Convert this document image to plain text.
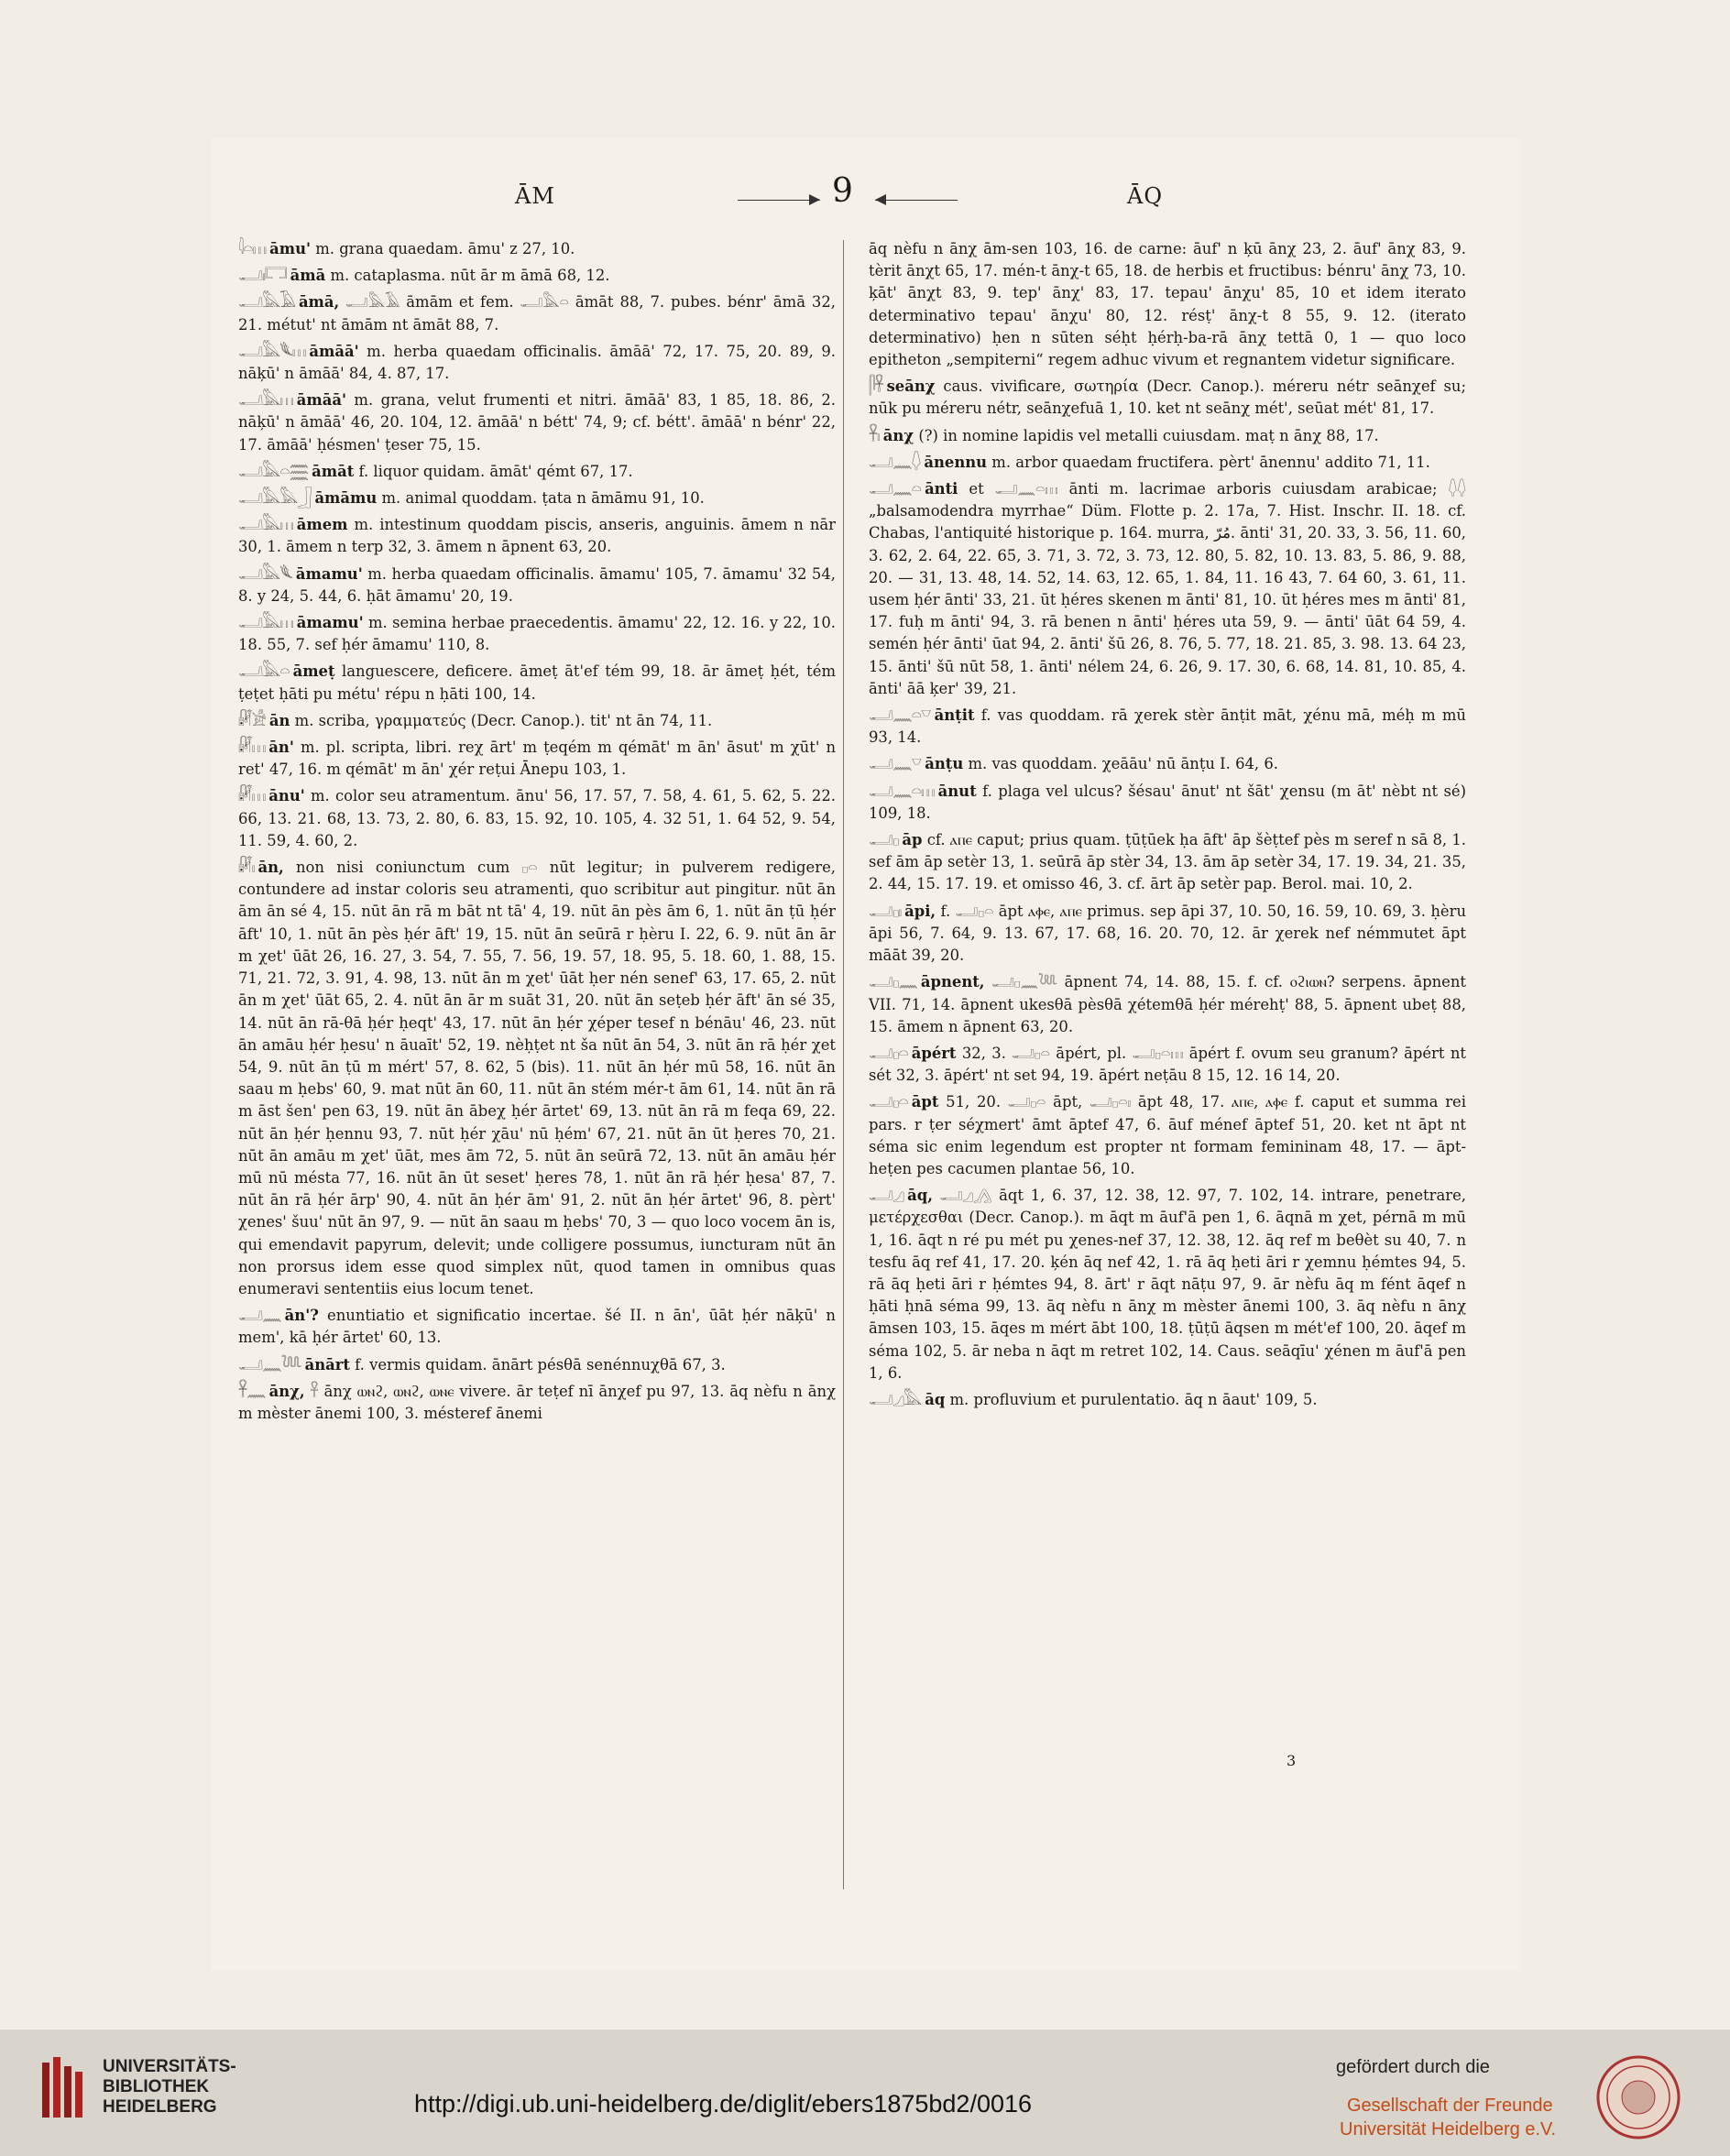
ĀM	9	ĀQ

𓇋𓏏𓏥 āmu' m. grana quaedam. āmu' z 27, 10.

𓂝𓏤𓉐 āmā m. cataplasma. nūt ār m āmā 68, 12.

𓂝𓅓𓄿 āmā, 𓂝𓅓𓄿 āmām et fem. 𓂝𓅓𓏏 āmāt 88, 7. pubes. bénr' āmā 32, 21. métut' nt āmām nt āmāt 88, 7.

𓂝𓅓𓆰𓏥 āmāā' m. herba quaedam officinalis. āmāā' 72, 17. 75, 20. 89, 9. nāķū' n āmāā' 84, 4. 87, 17.

𓂝𓅓𓏥 āmāā' m. grana, velut frumenti et nitri. āmāā' 83, 1 85, 18. 86, 2. nāķū' n āmāā' 46, 20. 104, 12. āmāā' n bétt' 74, 9; cf. bétt'. āmāā' n bénr' 22, 17. āmāā' ḥésmen' ṭeser 75, 15.

𓂝𓅓𓏏𓈗 āmāt f. liquor quidam. āmāt' qémt 67, 17.

𓂝𓅓𓅓𓃀 āmāmu m. animal quoddam. ṭata n āmāmu 91, 10.

𓂝𓅓𓏥 āmem m. intestinum quoddam piscis, anseris, anguinis. āmem n nār 30, 1. āmem n terp 32, 3. āmem n āpnent 63, 20.

𓂝𓅓𓆰 āmamu' m. herba quaedam officinalis. āmamu' 105, 7. āmamu' 32 54, 8. y 24, 5. 44, 6. ḥāt āmamu' 20, 19.

𓂝𓅓𓏥 āmamu' m. semina herbae praecedentis. āmamu' 22, 12. 16. y 22, 10. 18. 55, 7. sef ḥér āmamu' 110, 8.

𓂝𓅓𓏏 āmeṭ languescere, deficere. āmeṭ āt'ef tém 99, 18. ār āmeṭ ḥét, tém ṭeṭet ḥāti pu métu' répu n ḥāti 100, 14.

𓏞𓀀 ān m. scriba, γραμματεύς (Decr. Canop.). tit' nt ān 74, 11.

𓏞𓏥 ān' m. pl. scripta, libri. reχ ārt' m ṭeqém m qémāt' m ān' āsut' m χūt' n ret' 47, 16. m qémāt' m ān' χér reṭui Ānepu 103, 1.

𓏞𓏥 ānu' m. color seu atramentum. ānu' 56, 17. 57, 7. 58, 4. 61, 5. 62, 5. 22. 66, 13. 21. 68, 13. 73, 2. 80, 6. 83, 15. 92, 10. 105, 4. 32 51, 1. 64 52, 9. 54, 11. 59, 4. 60, 2.

𓏞𓏤 ān, non nisi coniunctum cum 𓊪𓏏 nūt legitur; in pulverem redigere, contundere ad instar coloris seu atramenti, quo scribitur aut pingitur. nūt ān ām ān sé 4, 15. nūt ān rā m bāt nt tā' 4, 19. nūt ān pès ām 6, 1. nūt ān ṭū ḥér āft' 10, 1. nūt ān pès ḥér āft' 19, 15. nūt ān seūrā r ḥèru I. 22, 6. 9. nūt ān ār m χet' ūāt 26, 16. 27, 3. 54, 7. 55, 7. 56, 19. 57, 18. 95, 5. 18. 60, 1. 88, 15. 71, 21. 72, 3. 91, 4. 98, 13. nūt ān m χet' ūāt ḥer nén senef' 63, 17. 65, 2. nūt ān m χet' ūāt 65, 2. 4. nūt ān ār m suāt 31, 20. nūt ān seṭeb ḥér āft' ān sé 35, 14. nūt ān rā-θā ḥér ḥeqt' 43, 17. nūt ān ḥér χéper tesef n bénāu' 46, 23. nūt ān amāu ḥér ḥesu' n āuaīt' 52, 19. nèḥṭet nt ša nūt ān 54, 3. nūt ān rā ḥér χet 54, 9. nūt ān ṭū m mért' 57, 8. 62, 5 (bis). 11. nūt ān ḥér mū 58, 16. nūt ān saau m ḥebs' 60, 9. mat nūt ān 60, 11. nūt ān stém mér-t ām 61, 14. nūt ān rā m āst šen' pen 63, 19. nūt ān ābeχ ḥér ārtet' 69, 13. nūt ān rā m feqa 69, 22. nūt ān ḥér ḥennu 93, 7. nūt ḥér χāu' nū ḥém' 67, 21. nūt ān ūt ḥeres 70, 21. nūt ān amāu m χet' ūāt, mes ām 72, 5. nūt ān seūrā 72, 13. nūt ān amāu ḥér mū nū mésta 77, 16. nūt ān ūt seset' ḥeres 78, 1. nūt ān rā ḥér ḥesa' 87, 7. nūt ān rā ḥér ārp' 90, 4. nūt ān ḥér ām' 91, 2. nūt ān ḥér ārtet' 96, 8. pèrt' χenes' šuu' nūt ān 97, 9. — nūt ān saau m ḥebs' 70, 3 — quo loco vocem ān is, qui emendavit papyrum, delevit; unde colligere possumus, iuncturam nūt ān non prorsus idem esse quod simplex nūt, quod tamen in omnibus quas enumeravi sententiis eius locum tenet.

𓂝𓈖 ān'? enuntiatio et significatio incertae. šé II. n ān', ūāt ḥér nāķū' n mem', kā ḥér ārtet' 60, 13.

𓂝𓈖𓆙 ānārt f. vermis quidam. ānārt pésθā senénnuχθā 67, 3.

𓋹𓈖 ānχ, 𓋹 ānχ ⲱⲛϩ, ⲱⲛϩ, ⲱⲛⲉ vivere. ār teṭef nī ānχef pu 97, 13. āq nèfu n ānχ m mèster ānemi 100, 3. mésteref ānemi

āq nèfu n ānχ ām-sen 103, 16. de carne: āuf' n ķū ānχ 23, 2. āuf' ānχ 83, 9. tèrit ānχt 65, 17. mén-t ānχ-t 65, 18. de herbis et fructibus: bénru' ānχ 73, 10. ķāt' ānχt 83, 9. tep' ānχ' 83, 17. tepau' ānχu' 85, 10 et idem iterato determinativo tepau' ānχu' 80, 12. résṭ' ānχ-t 8 55, 9. 12. (iterato determinativo) ḥen n sūten séḥt ḥérḥ-ba-rā ānχ tettā 0, 1 — quo loco epitheton „sempiterni“ regem adhuc vivum et regnantem videtur significare.

𓋴𓋹 seānχ caus. vivificare, σωτηρία (Decr. Canop.). méreru nétr seānχef su; nūk pu méreru nétr, seānχefuā 1, 10. ket nt seānχ mét', seūat mét' 81, 17.

𓋹𓏤 ānχ (?) in nomine lapidis vel metalli cuiusdam. maṭ n ānχ 88, 17.

𓂝𓈖𓆭 ānennu m. arbor quaedam fructifera. pèrt' ānennu' addito 71, 11.

𓂝𓈖𓏏 ānti et 𓂝𓈖𓏏𓏥 ānti m. lacrimae arboris cuiusdam arabicae; 𓆭𓆭 „balsamodendra myrrhae“ Düm. Flotte p. 2. 17a, 7. Hist. Inschr. II. 18. cf. Chabas, l'antiquité historique p. 164. murra, مُرّ. ānti' 31, 20. 33, 3. 56, 11. 60, 3. 62, 2. 64, 22. 65, 3. 71, 3. 72, 3. 73, 12. 80, 5. 82, 10. 13. 83, 5. 86, 9. 88, 20. — 31, 13. 48, 14. 52, 14. 63, 12. 65, 1. 84, 11. 16 43, 7. 64 60, 3. 61, 11. usem ḥér ānti' 33, 21. ūt ḥéres skenen m ānti' 81, 10. ūt ḥéres mes m ānti' 81, 17. fuḥ m ānti' 94, 3. rā benen n ānti' ḥéres uta 59, 9. — ānti' ūāt 64 59, 4. semén ḥér ānti' ūat 94, 2. ānti' šū 26, 8. 76, 5. 77, 18. 21. 85, 3. 98. 13. 64 23, 15. ānti' šū nūt 58, 1. ānti' nélem 24, 6. 26, 9. 17. 30, 6. 68, 14. 81, 10. 85, 4. ānti' āā ķer' 39, 21.

𓂝𓈖𓏏𓎺 ānṭit f. vas quoddam. rā χerek stèr ānṭit māt, χénu mā, méḥ m mū 93, 14.

𓂝𓈖𓎺 ānṭu m. vas quoddam. χeāāu' nū ānṭu I. 64, 6.

𓂝𓈖𓏏𓏥 ānut f. plaga vel ulcus? šésau' ānut' nt šāt' χensu (m āt' nèbt nt sé) 109, 18.

𓂝𓊪 āp cf. ⲁⲡⲉ caput; prius quam. ṭūṭūek ḥa āft' āp šèṭtef pès m seref n sā 8, 1. sef ām āp setèr 13, 1. seūrā āp stèr 34, 13. ām āp setèr 34, 17. 19. 34, 21. 35, 2. 44, 15. 17. 19. et omisso 46, 3. cf. ārt āp setèr pap. Berol. mai. 10, 2.

𓂝𓊪𓏤 āpi, f. 𓂝𓊪𓏏 āpt ⲁⲫⲉ, ⲁⲡⲉ primus. sep āpi 37, 10. 50, 16. 59, 10. 69, 3. ḥèru āpi 56, 7. 64, 9. 13. 67, 17. 68, 16. 20. 70, 12. ār χerek nef némmutet āpt māāt 39, 20.

𓂝𓊪𓈖 āpnent, 𓂝𓊪𓈖𓆙 āpnent 74, 14. 88, 15. f. cf. ⲟϩⲓⲱⲛ? serpens. āpnent VII. 71, 14. āpnent ukesθā pèsθā χétemθā ḥér mérehṭ' 88, 5. āpnent ubeṭ 88, 15. āmem n āpnent 63, 20.

𓂝𓊪𓏏 āpért 32, 3. 𓂝𓊪𓏏 āpért, pl. 𓂝𓊪𓏏𓏥 āpért f. ovum seu granum? āpért nt sét 32, 3. āpért' nt set 94, 19. āpért neṭāu 8 15, 12. 16 14, 20.

𓂝𓊪𓏏 āpt 51, 20. 𓂝𓊪𓏏 āpt, 𓂝𓊪𓏏𓏤 āpt 48, 17. ⲁⲡⲉ, ⲁⲫⲉ f. caput et summa rei pars. r ṭer séχmert' āmt āptef 47, 6. āuf ménef āptef 51, 20. ket nt āpt nt séma sic enim legendum est propter nt formam femininam 48, 17. — āpt-heṭen pes cacumen plantae 56, 10.

𓂝𓈎 āq, 𓂝𓈎𓂻 āqt 1, 6. 37, 12. 38, 12. 97, 7. 102, 14. intrare, penetrare, μετέρχεσθαι (Decr. Canop.). m āqt m āuf'ā pen 1, 6. āqnā m χet, pérnā m mū 1, 16. āqt n ré pu mét pu χenes-nef 37, 12. 38, 12. āq ref m beθèt su 40, 7. n tesfu āq ref 41, 17. 20. ķén āq nef 42, 1. rā āq ḥeti āri r χemnu ḥémtes 94, 5. rā āq ḥeti āri r ḥémtes 94, 8. ārt' r āqt nāṭu 97, 9. ār nèfu āq m fént āqef n ḥāti ḥnā séma 99, 13. āq nèfu n ānχ m mèster ānemi 100, 3. āq nèfu n ānχ āmsen 103, 15. āqes m mért ābt 100, 18. ṭūṭū āqsen m mét'ef 100, 20. āqef m séma 102, 5. ār neba n āqt m retret 102, 14. Caus. seāqīu' χénen m āuf'ā pen 1, 6.

𓂝𓈎𓅓 āq m. profluvium et purulentatio. āq n āaut' 109, 5.

3
UNIVERSITÄTS-
BIBLIOTHEK
HEIDELBERG	http://digi.ub.uni-heidelberg.de/diglit/ebers1875bd2/0016
gefördert durch die
Gesellschaft der Freunde
Universität Heidelberg e.V.
